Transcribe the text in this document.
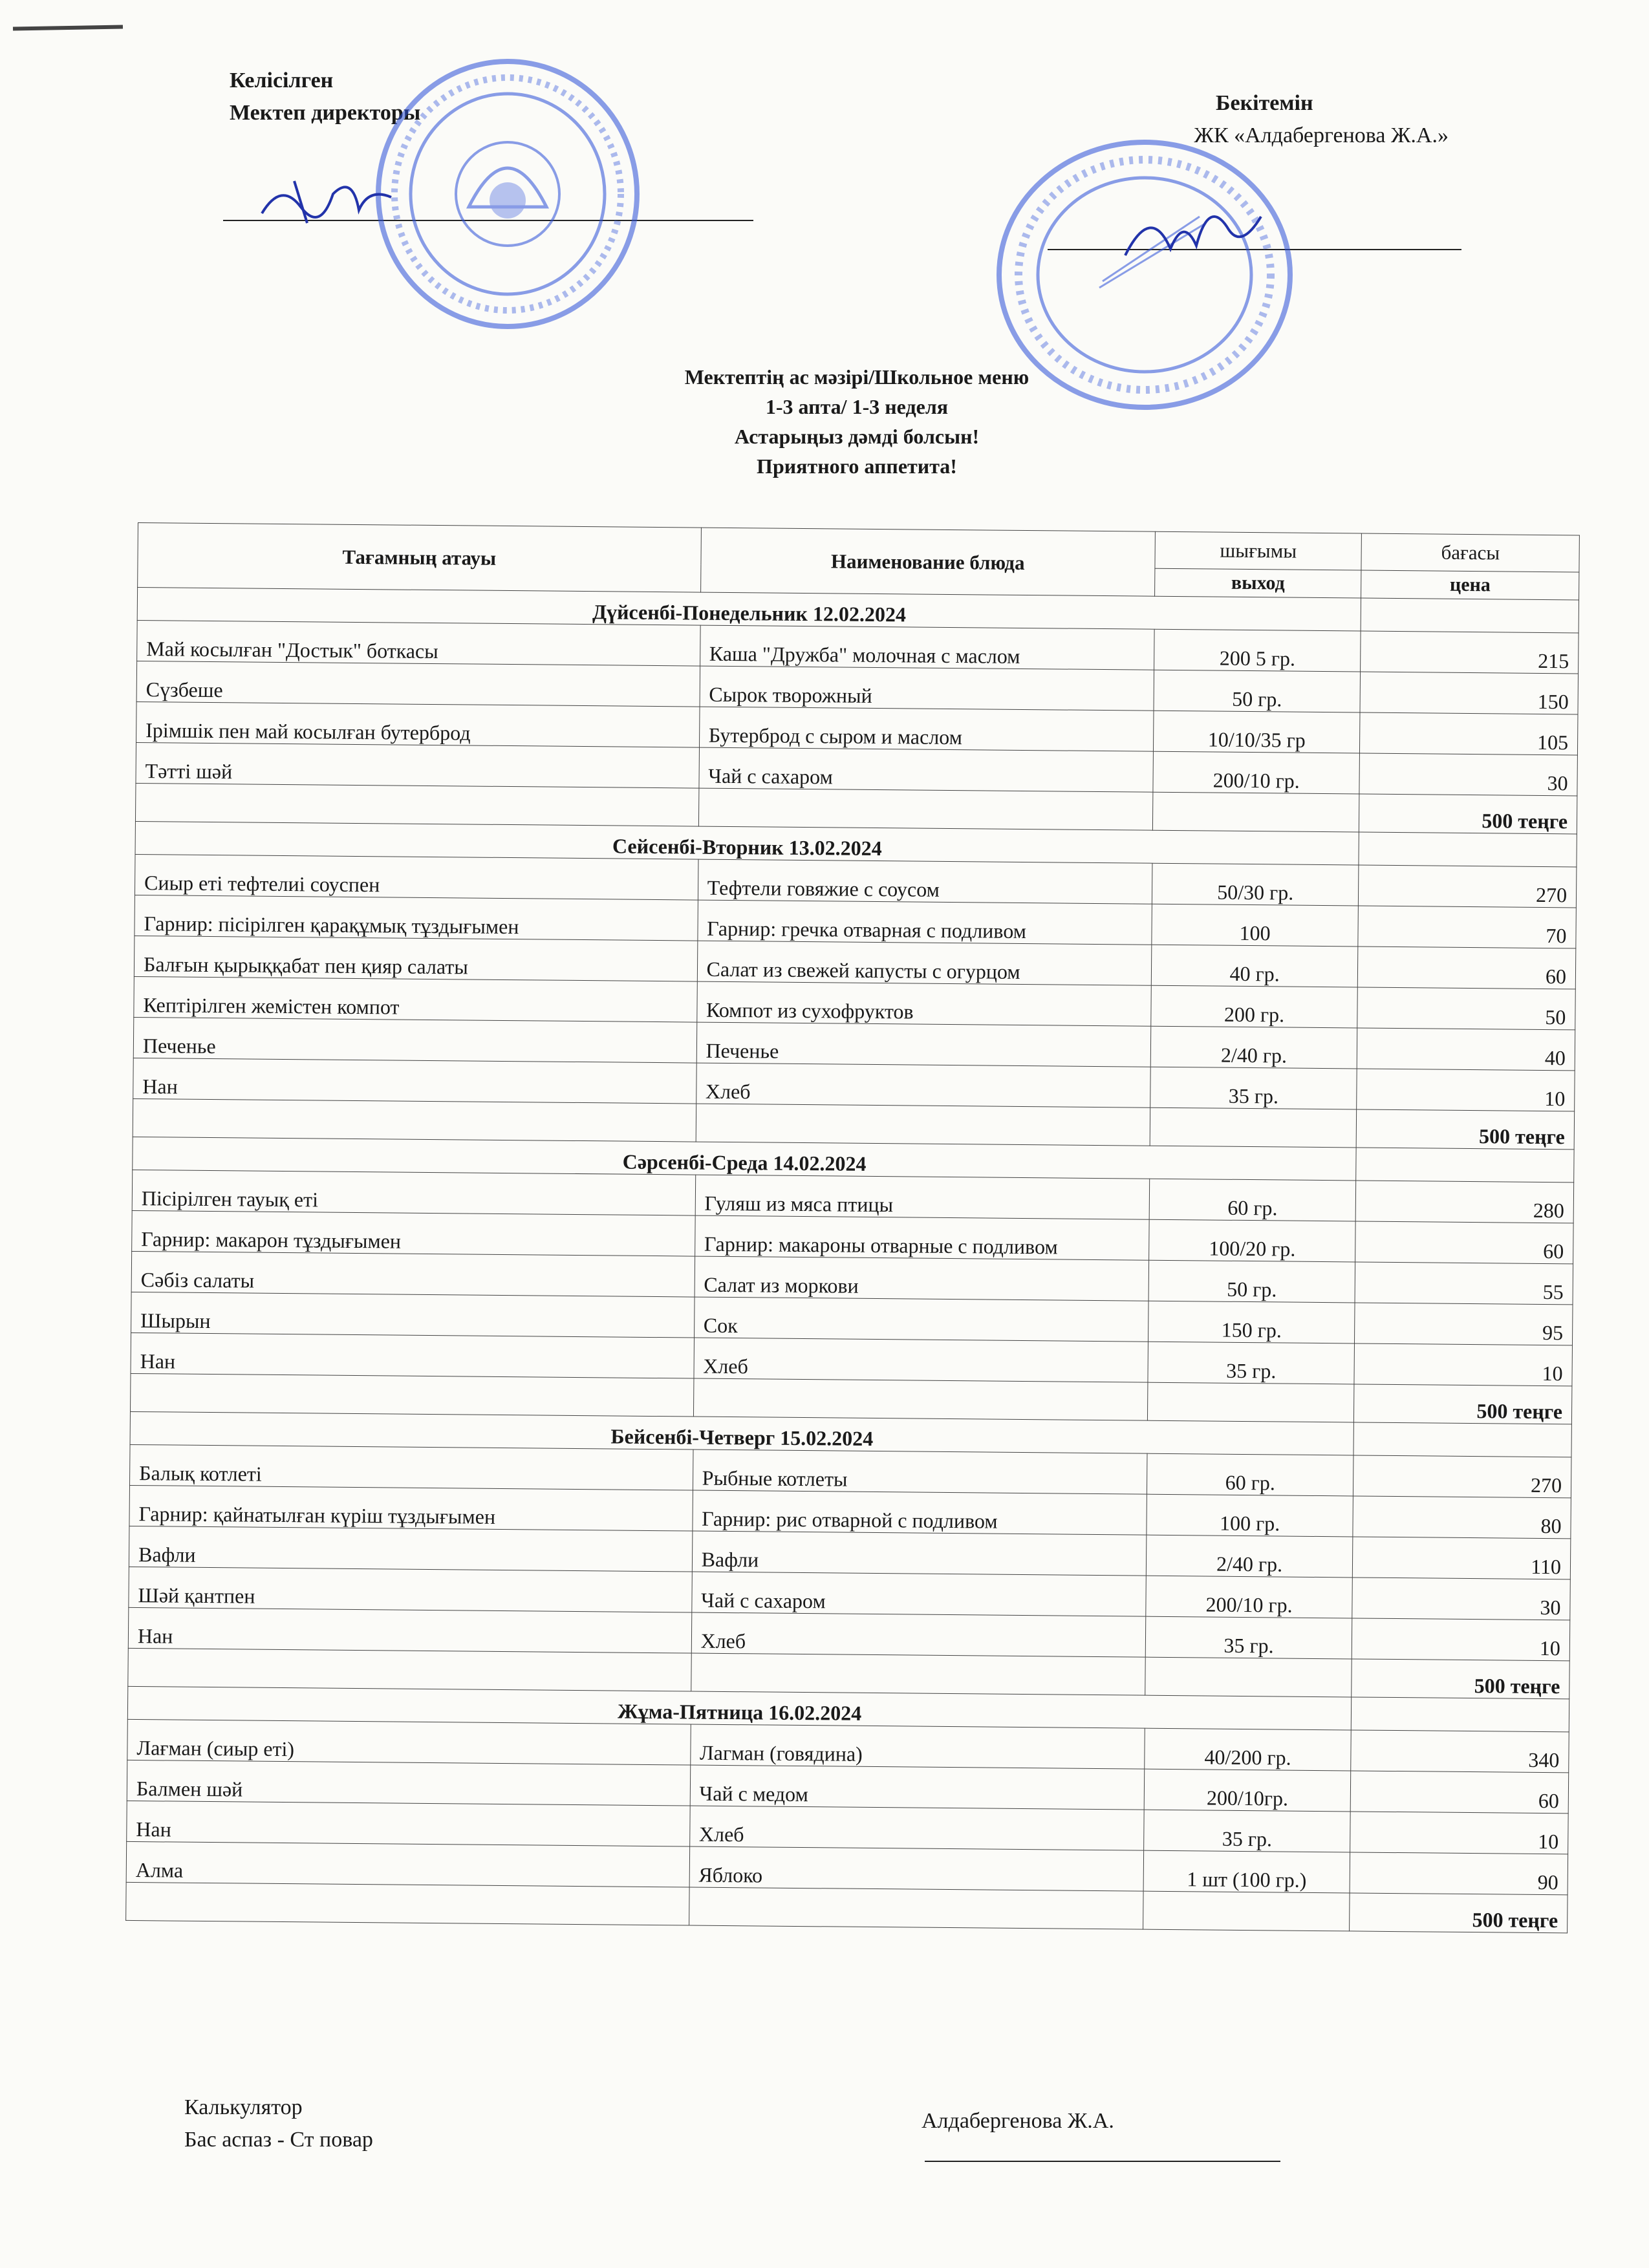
Келісілген
Мектеп директоры	Бекітемін
ЖК «Алдабергенова Ж.А.»
Мектептің ас мәзірі/Школьное меню
1-3 апта/ 1-3 неделя
Астарыңыз дәмді болсын!
Приятного аппетита!
Тағамның атауы	Наименование блюда	шығымы	бағасы
		выход	цена
Дүйсенбі-Понедельник 12.02.2024			
Май косылған "Достык" боткасы	Каша "Дружба" молочная с маслом	200 5 гр.	215
Сүзбеше	Сырок творожный	50 гр.	150
Ірімшік пен май косылған бутерброд	Бутерброд с сыром и маслом	10/10/35 гр	105
Тәтті шәй	Чай с сахаром	200/10 гр.	30
			500 теңге
Сейсенбі-Вторник 13.02.2024			
Сиыр еті тефтелиі соуспен	Тефтели говяжие с соусом	50/30 гр.	270
Гарнир: пісірілген қарақұмық тұздығымен	Гарнир: гречка отварная с подливом	100	70
Балғын қырыққабат пен қияр салаты	Салат из свежей капусты с огурцом	40 гр.	60
Кептірілген жемістен компот	Компот из сухофруктов	200 гр.	50
Печенье	Печенье	2/40 гр.	40
Нан	Хлеб	35 гр.	10
			500 теңге
Сәрсенбі-Среда 14.02.2024			
Пісірілген тауық еті	Гуляш из мяса птицы	60 гр.	280
Гарнир: макарон тұздығымен	Гарнир: макароны отварные с подливом	100/20 гр.	60
Сәбіз салаты	Салат из моркови	50 гр.	55
Шырын	Сок	150 гр.	95
Нан	Хлеб	35 гр.	10
			500 теңге
Бейсенбі-Четверг 15.02.2024			
Балық котлеті	Рыбные котлеты	60 гр.	270
Гарнир: қайнатылған күріш тұздығымен	Гарнир: рис отварной с подливом	100 гр.	80
Вафли	Вафли	2/40 гр.	110
Шәй қантпен	Чай с сахаром	200/10 гр.	30
Нан	Хлеб	35 гр.	10
			500 теңге
Жұма-Пятница 16.02.2024			
Лағман (сиыр еті)	Лагман (говядина)	40/200 гр.	340
Балмен шәй	Чай с медом	200/10гр.	60
Нан	Хлеб	35 гр.	10
Алма	Яблоко	1 шт (100 гр.)	90
			500 теңге
Калькулятор
Бас аспаз - Ст повар
Алдабергенова Ж.А.
